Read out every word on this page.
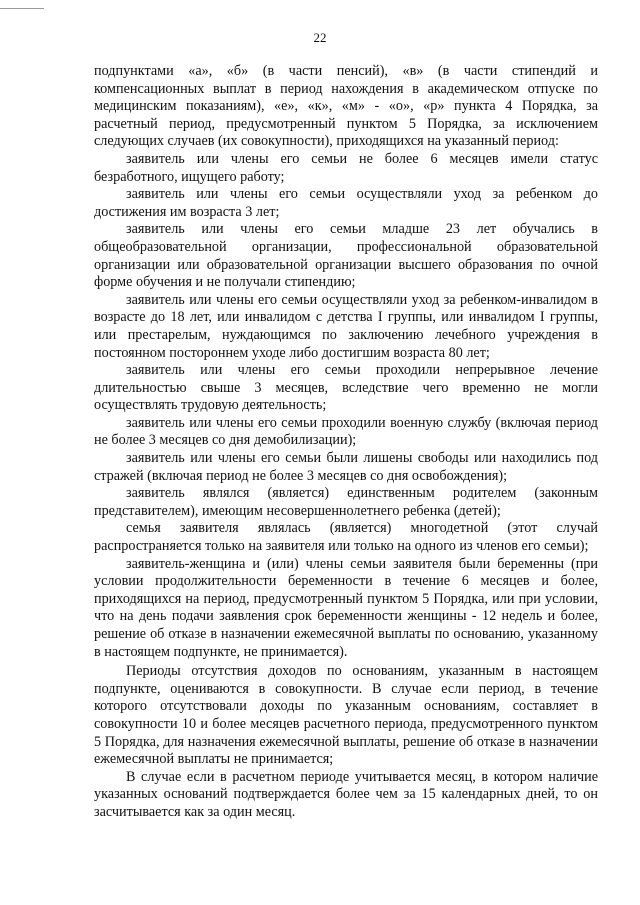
22

подпунктами «а», «б» (в части пенсий), «в» (в части стипендий и компенсационных выплат в период нахождения в академическом отпуске по медицинским показаниям), «е», «к», «м» - «о», «р» пункта 4 Порядка, за расчетный период, предусмотренный пунктом 5 Порядка, за исключением следующих случаев (их совокупности), приходящихся на указанный период:

заявитель или члены его семьи не более 6 месяцев имели статус безработного, ищущего работу;

заявитель или члены его семьи осуществляли уход за ребенком до достижения им возраста 3 лет;

заявитель или члены его семьи младше 23 лет обучались в общеобразовательной организации, профессиональной образовательной организации или образовательной организации высшего образования по очной форме обучения и не получали стипендию;

заявитель или члены его семьи осуществляли уход за ребенком-инвалидом в возрасте до 18 лет, или инвалидом с детства I группы, или инвалидом I группы, или престарелым, нуждающимся по заключению лечебного учреждения в постоянном постороннем уходе либо достигшим возраста 80 лет;

заявитель или члены его семьи проходили непрерывное лечение длительностью свыше 3 месяцев, вследствие чего временно не могли осуществлять трудовую деятельность;

заявитель или члены его семьи проходили военную службу (включая период не более 3 месяцев со дня демобилизации);

заявитель или члены его семьи были лишены свободы или находились под стражей (включая период не более 3 месяцев со дня освобождения);

заявитель являлся (является) единственным родителем (законным представителем), имеющим несовершеннолетнего ребенка (детей);

семья заявителя являлась (является) многодетной (этот случай распространяется только на заявителя или только на одного из членов его семьи);

заявитель-женщина и (или) члены семьи заявителя были беременны (при условии продолжительности беременности в течение 6 месяцев и более, приходящихся на период, предусмотренный пунктом 5 Порядка, или при условии, что на день подачи заявления срок беременности женщины - 12 недель и более, решение об отказе в назначении ежемесячной выплаты по основанию, указанному в настоящем подпункте, не принимается).

Периоды отсутствия доходов по основаниям, указанным в настоящем подпункте, оцениваются в совокупности. В случае если период, в течение которого отсутствовали доходы по указанным основаниям, составляет в совокупности 10 и более месяцев расчетного периода, предусмотренного пунктом 5 Порядка, для назначения ежемесячной выплаты, решение об отказе в назначении ежемесячной выплаты не принимается;

В случае если в расчетном периоде учитывается месяц, в котором наличие указанных оснований подтверждается более чем за 15 календарных дней, то он засчитывается как за один месяц.
